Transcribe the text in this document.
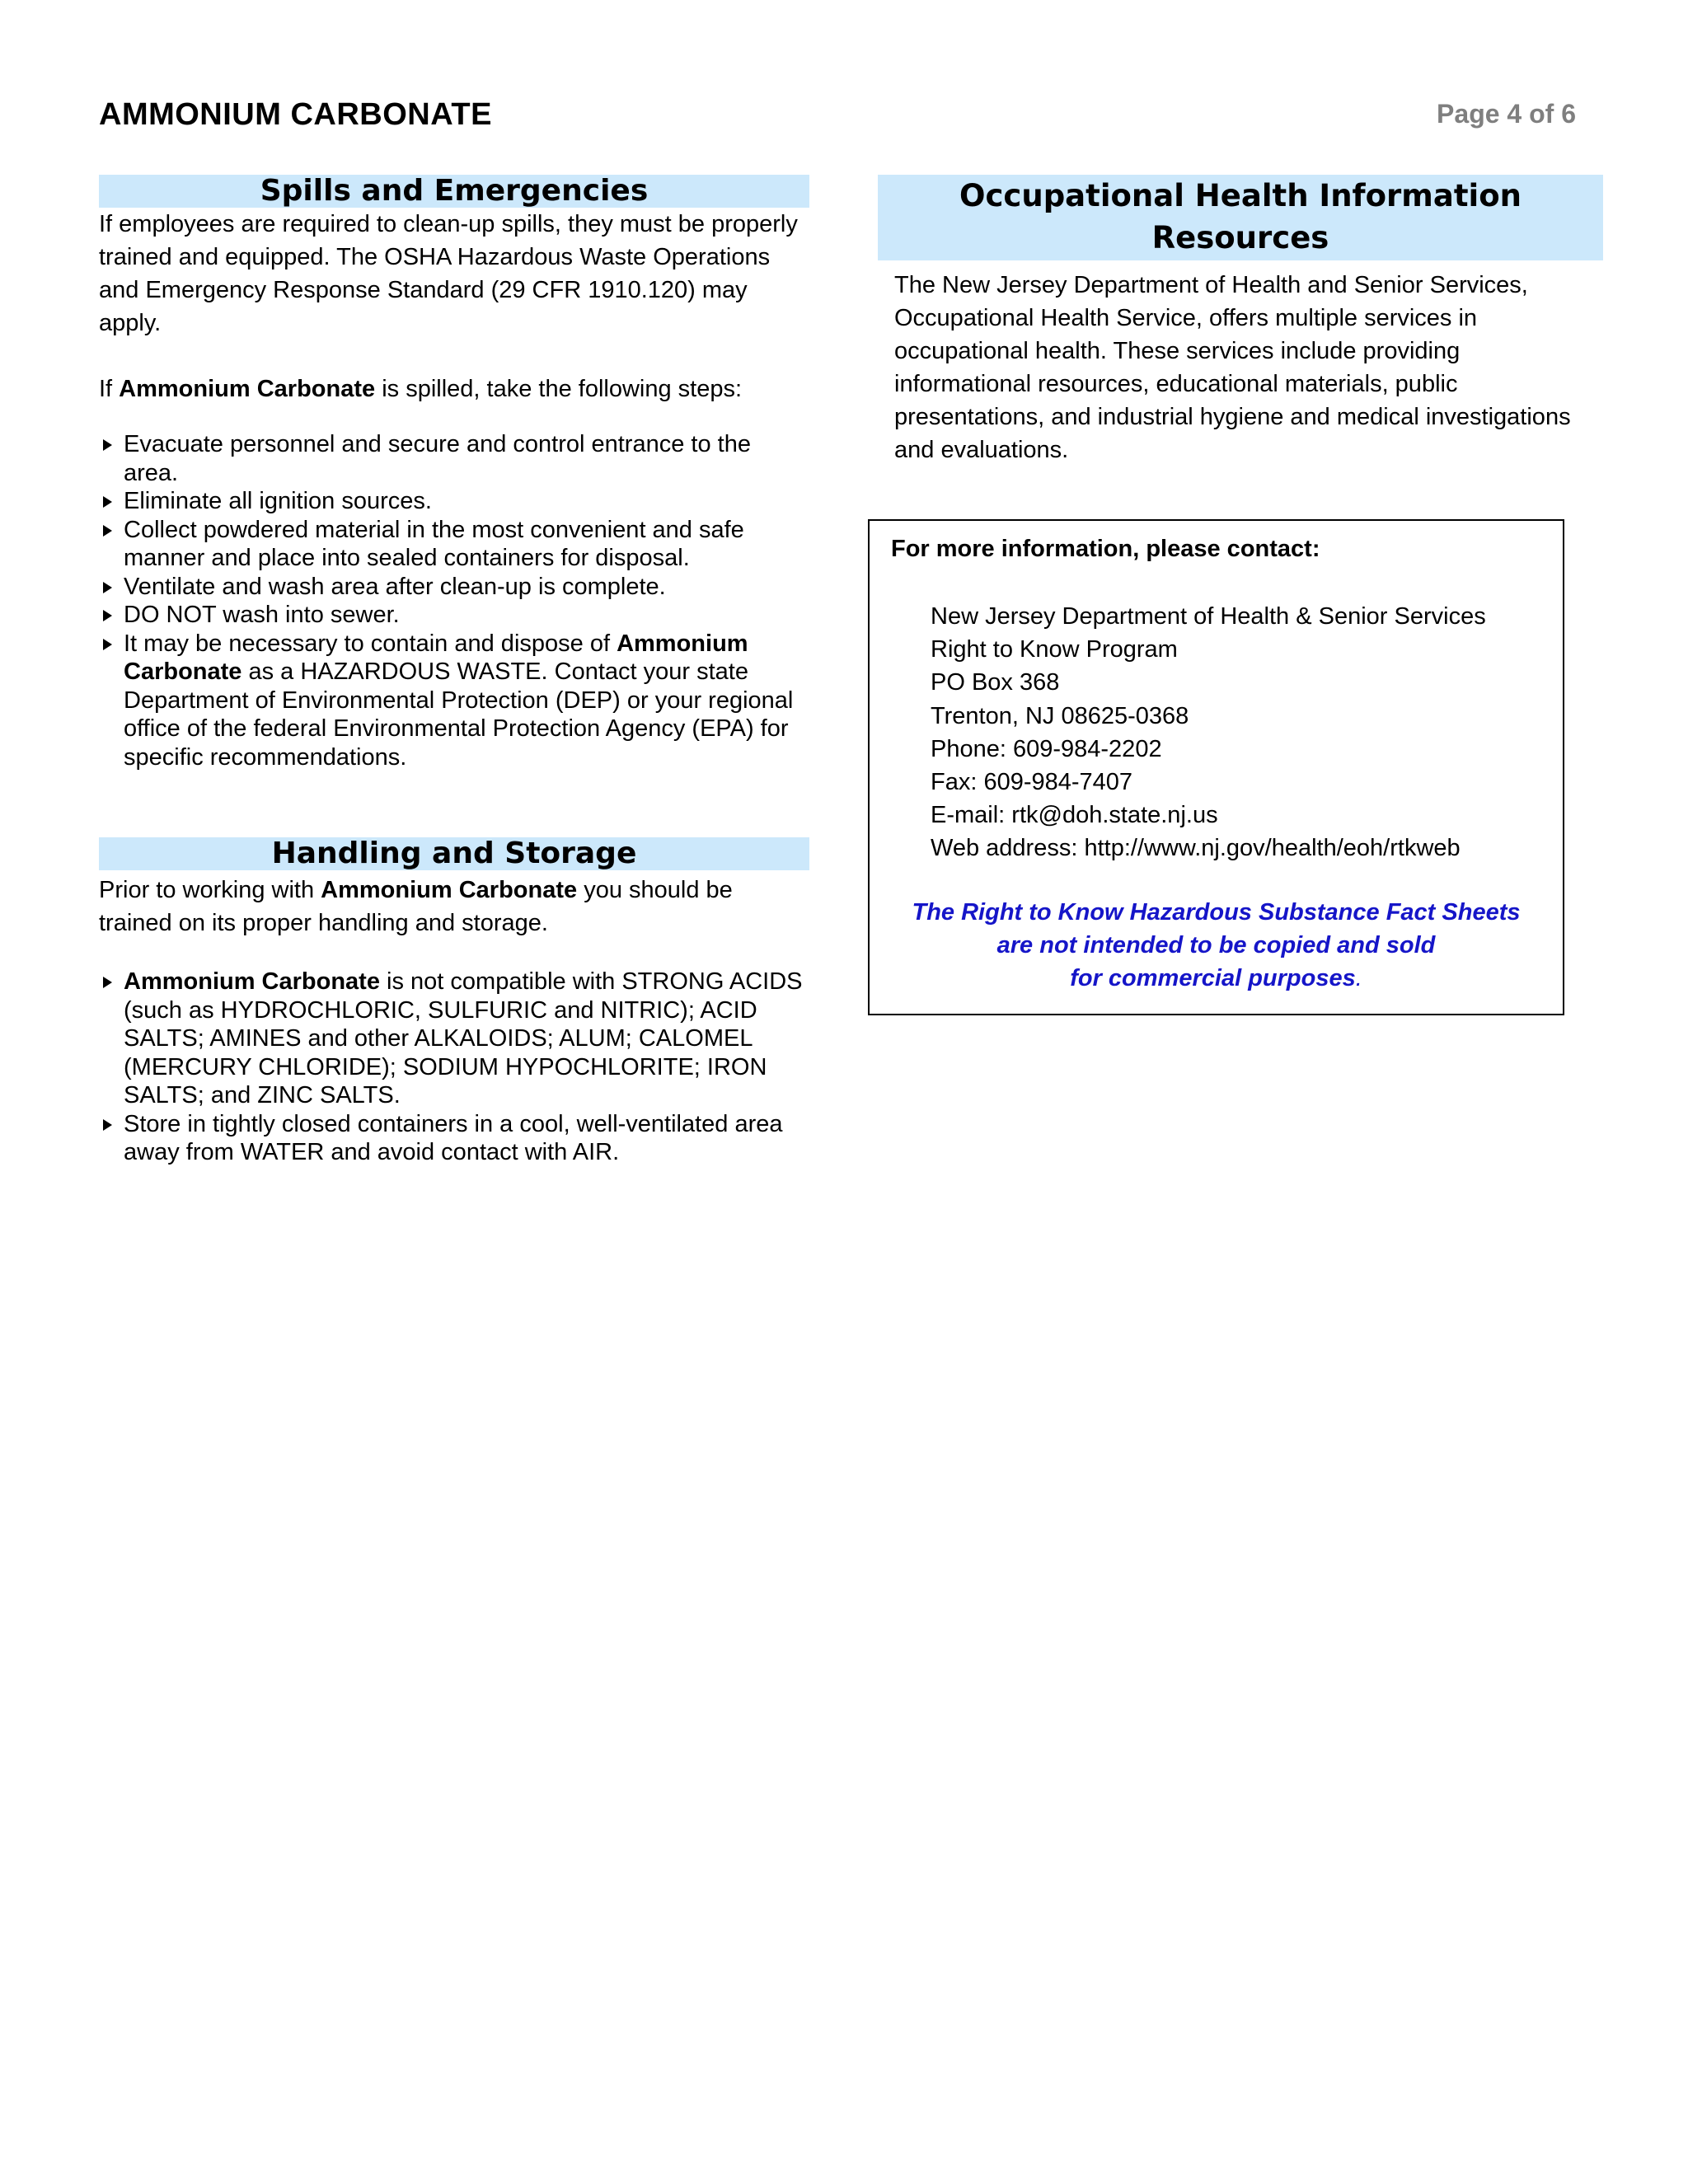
AMMONIUM CARBONATE	Page 4 of 6
Spills and Emergencies

If employees are required to clean-up spills, they must be properly trained and equipped. The OSHA Hazardous Waste Operations and Emergency Response Standard (29 CFR 1910.120) may apply.

If Ammonium Carbonate is spilled, take the following steps:

Evacuate personnel and secure and control entrance to the area.
Eliminate all ignition sources.
Collect powdered material in the most convenient and safe manner and place into sealed containers for disposal.
Ventilate and wash area after clean-up is complete.
DO NOT wash into sewer.
It may be necessary to contain and dispose of Ammonium Carbonate as a HAZARDOUS WASTE. Contact your state Department of Environmental Protection (DEP) or your regional office of the federal Environmental Protection Agency (EPA) for specific recommendations.
Handling and Storage

Prior to working with Ammonium Carbonate you should be trained on its proper handling and storage.

Ammonium Carbonate is not compatible with STRONG ACIDS (such as HYDROCHLORIC, SULFURIC and NITRIC); ACID SALTS; AMINES and other ALKALOIDS; ALUM; CALOMEL (MERCURY CHLORIDE); SODIUM HYPOCHLORITE; IRON SALTS; and ZINC SALTS.
Store in tightly closed containers in a cool, well-ventilated area away from WATER and avoid contact with AIR.
Occupational Health Information
Resources

The New Jersey Department of Health and Senior Services, Occupational Health Service, offers multiple services in occupational health. These services include providing informational resources, educational materials, public presentations, and industrial hygiene and medical investigations and evaluations.

For more information, please contact:
New Jersey Department of Health & Senior Services
Right to Know Program
PO Box 368
Trenton, NJ 08625-0368
Phone: 609-984-2202
Fax: 609-984-7407
E-mail: rtk@doh.state.nj.us
Web address: http://www.nj.gov/health/eoh/rtkweb
The Right to Know Hazardous Substance Fact Sheets
are not intended to be copied and sold
for commercial purposes.
